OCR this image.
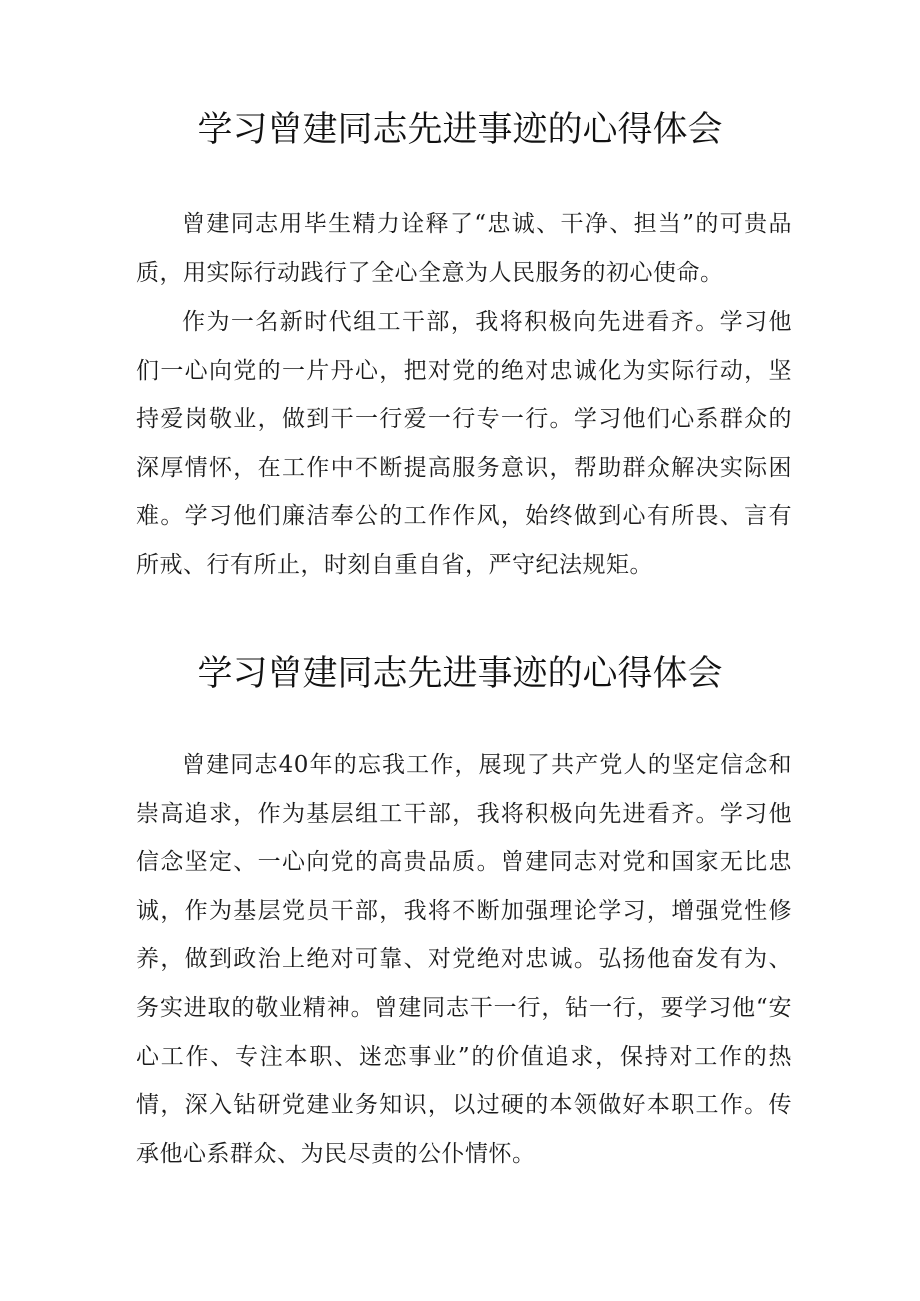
学习曾建同志先进事迹的心得体会

曾建同志用毕生精力诠释了“忠诚、干净、担当”的可贵品质，用实际行动践行了全心全意为人民服务的初心使命。

作为一名新时代组工干部，我将积极向先进看齐。学习他们一心向党的一片丹心，把对党的绝对忠诚化为实际行动，坚持爱岗敬业，做到干一行爱一行专一行。学习他们心系群众的深厚情怀，在工作中不断提高服务意识，帮助群众解决实际困难。学习他们廉洁奉公的工作作风，始终做到心有所畏、言有所戒、行有所止，时刻自重自省，严守纪法规矩。

学习曾建同志先进事迹的心得体会

曾建同志40年的忘我工作，展现了共产党人的坚定信念和崇高追求，作为基层组工干部，我将积极向先进看齐。学习他信念坚定、一心向党的高贵品质。曾建同志对党和国家无比忠诚，作为基层党员干部，我将不断加强理论学习，增强党性修养，做到政治上绝对可靠、对党绝对忠诚。弘扬他奋发有为、务实进取的敬业精神。曾建同志干一行，钻一行，要学习他“安心工作、专注本职、迷恋事业”的价值追求，保持对工作的热情，深入钻研党建业务知识，以过硬的本领做好本职工作。传承他心系群众、为民尽责的公仆情怀。
